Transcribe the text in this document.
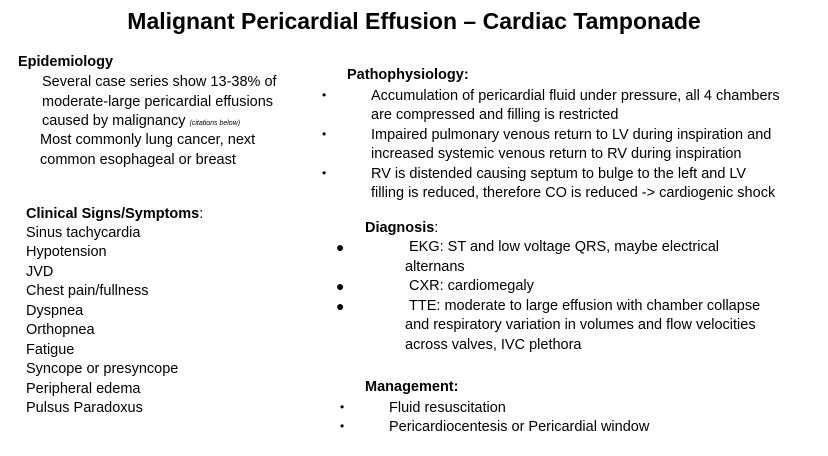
Malignant Pericardial Effusion – Cardiac Tamponade
Epidemiology
Several case series show 13-38% of
moderate-large pericardial effusions
caused by malignancy (citations below)
Most commonly lung cancer, next
common esophageal or breast
Pathophysiology:
•	Accumulation of pericardial fluid under pressure, all 4 chambers
are compressed and filling is restricted
•	Impaired pulmonary venous return to LV during inspiration and
increased systemic venous return to RV during inspiration
•	RV is distended causing septum to bulge to the left and LV
filling is reduced, therefore CO is reduced -> cardiogenic shock
Clinical Signs/Symptoms:
Sinus tachycardia
Hypotension
JVD
Chest pain/fullness
Dyspnea
Orthopnea
Fatigue
Syncope or presyncope
Peripheral edema
Pulsus Paradoxus
Diagnosis:
●	EKG: ST and low voltage QRS, maybe electrical
alternans
●	CXR: cardiomegaly
●	TTE: moderate to large effusion with chamber collapse
and respiratory variation in volumes and flow velocities
across valves, IVC plethora
Management:
•	Fluid resuscitation
•	Pericardiocentesis or Pericardial window
